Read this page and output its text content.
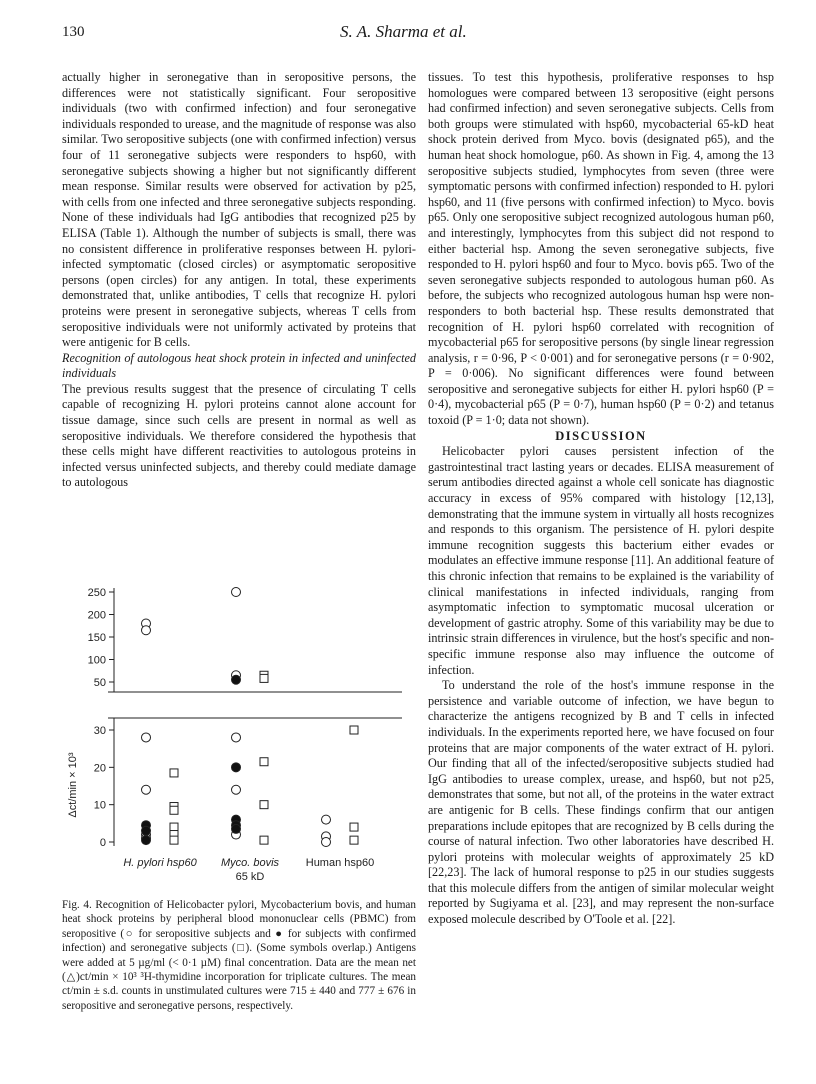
130	S. A. Sharma et al.

actually higher in seronegative than in seropositive persons, the differences were not statistically significant. Four seropositive individuals (two with confirmed infection) and four seronegative individuals responded to urease, and the magnitude of response was also similar. Two seropositive subjects (one with confirmed infection) versus four of 11 seronegative subjects were responders to hsp60, with seronegative subjects showing a higher but not significantly different mean response. Similar results were observed for activation by p25, with cells from one infected and three seronegative subjects responding. None of these individuals had IgG antibodies that recognized p25 by ELISA (Table 1). Although the number of subjects is small, there was no consistent difference in proliferative responses between H. pylori-infected symptomatic (closed circles) or asymptomatic seropositive persons (open circles) for any antigen. In total, these experiments demonstrated that, unlike antibodies, T cells that recognize H. pylori proteins were present in seronegative subjects, whereas T cells from seropositive individuals were not uniformly activated by proteins that were antigenic for B cells.

Recognition of autologous heat shock protein in infected and uninfected individuals

The previous results suggest that the presence of circulating T cells capable of recognizing H. pylori proteins cannot alone account for tissue damage, since such cells are present in normal as well as seropositive individuals. We therefore considered the hypothesis that these cells might have different reactivities to autologous proteins in infected versus uninfected subjects, and thereby could mediate damage to autologous

50
100
150
200
250
0
10
20
30
Δct/min × 10³
H. pylori hsp60 Myco. bovis Human hsp60
65 kD

Fig. 4. Recognition of Helicobacter pylori, Mycobacterium bovis, and human heat shock proteins by peripheral blood mononuclear cells (PBMC) from seropositive (○ for seropositive subjects and ● for subjects with confirmed infection) and seronegative subjects (□). (Some symbols overlap.) Antigens were added at 5 µg/ml (< 0·1 µM) final concentration. Data are the mean net (△)ct/min × 10³ ³H-thymidine incorporation for triplicate cultures. The mean ct/min ± s.d. counts in unstimulated cultures were 715 ± 440 and 777 ± 676 in seropositive and seronegative persons, respectively.

tissues. To test this hypothesis, proliferative responses to hsp homologues were compared between 13 seropositive (eight persons had confirmed infection) and seven seronegative subjects. Cells from both groups were stimulated with hsp60, mycobacterial 65-kD heat shock protein derived from Myco. bovis (designated p65), and the human heat shock homologue, p60. As shown in Fig. 4, among the 13 seropositive subjects studied, lymphocytes from seven (three were symptomatic persons with confirmed infection) responded to H. pylori hsp60, and 11 (five persons with confirmed infection) to Myco. bovis p65. Only one seropositive subject recognized autologous human p60, and interestingly, lymphocytes from this subject did not respond to either bacterial hsp. Among the seven seronegative subjects, five responded to H. pylori hsp60 and four to Myco. bovis p65. Two of the seven seronegative subjects responded to autologous human p60. As before, the subjects who recognized autologous human hsp were non-responders to both bacterial hsp. These results demonstrated that recognition of H. pylori hsp60 correlated with recognition of mycobacterial p65 for seropositive persons (by single linear regression analysis, r = 0·96, P < 0·001) and for seronegative persons (r = 0·902, P = 0·006). No significant differences were found between seropositive and seronegative subjects for either H. pylori hsp60 (P = 0·4), mycobacterial p65 (P = 0·7), human hsp60 (P = 0·2) and tetanus toxoid (P = 1·0; data not shown).

DISCUSSION

Helicobacter pylori causes persistent infection of the gastrointestinal tract lasting years or decades. ELISA measurement of serum antibodies directed against a whole cell sonicate has diagnostic accuracy in excess of 95% compared with histology [12,13], demonstrating that the immune system in virtually all hosts recognizes and responds to this organism. The persistence of H. pylori despite immune recognition suggests this bacterium either evades or modulates an effective immune response [11]. An additional feature of this chronic infection that remains to be explained is the variability of clinical manifestations in infected individuals, ranging from asymptomatic infection to symptomatic mucosal ulceration or development of gastric atrophy. Some of this variability may be due to intrinsic strain differences in virulence, but the host's specific and non-specific immune response also may influence the outcome of infection.

To understand the role of the host's immune response in the persistence and variable outcome of infection, we have begun to characterize the antigens recognized by B and T cells in infected individuals. In the experiments reported here, we have focused on four proteins that are major components of the water extract of H. pylori. Our finding that all of the infected/seropositive subjects studied had IgG antibodies to urease complex, urease, and hsp60, but not p25, demonstrates that some, but not all, of the proteins in the water extract are antigenic for B cells. These findings confirm that our antigen preparations include epitopes that are recognized by B cells during the course of natural infection. Two other laboratories have described H. pylori proteins with molecular weights of approximately 25 kD [22,23]. The lack of humoral response to p25 in our studies suggests that this molecule differs from the antigen of similar molecular weight reported by Sugiyama et al. [23], and may represent the non-surface exposed molecule described by O'Toole et al. [22].
